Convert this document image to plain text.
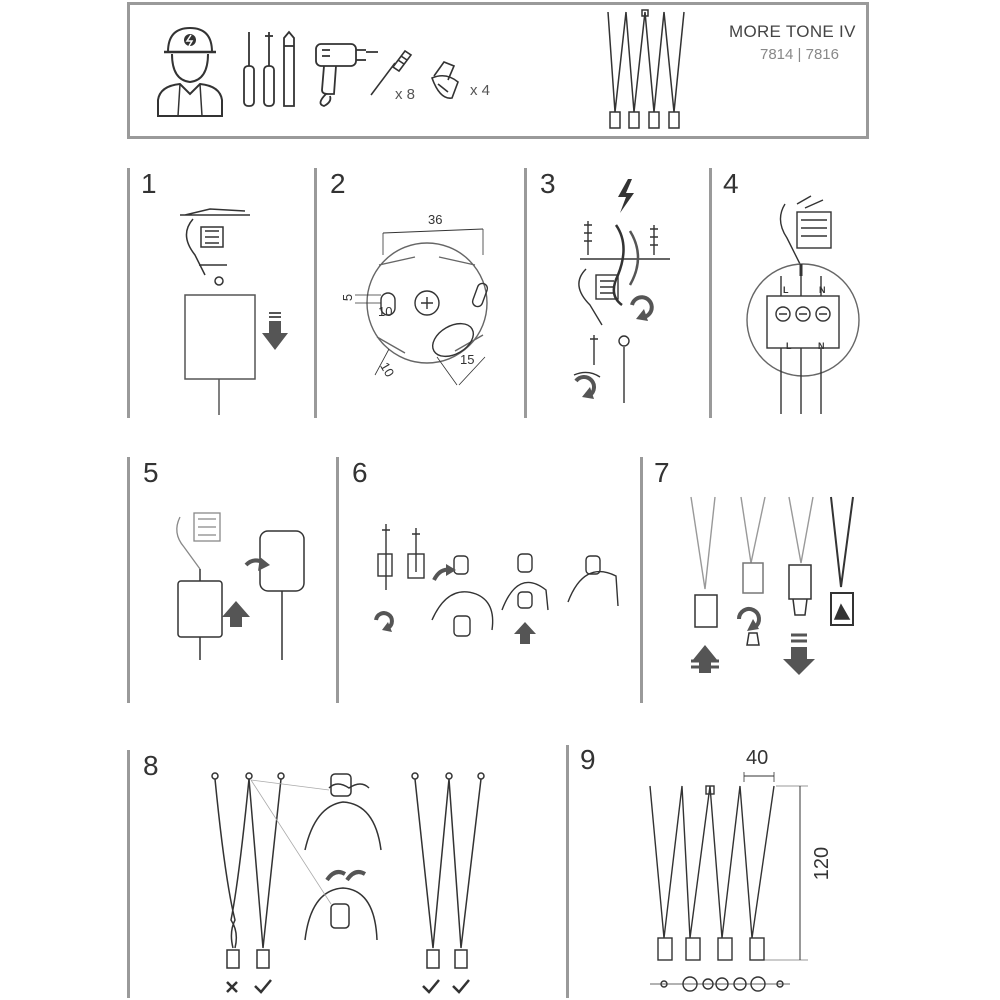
x 8	x 4
MORE TONE IV
7814 | 7816
1	2
36
5
10
15
10
3	4
L	N
L	N
5	6	7
8	9	40
120
